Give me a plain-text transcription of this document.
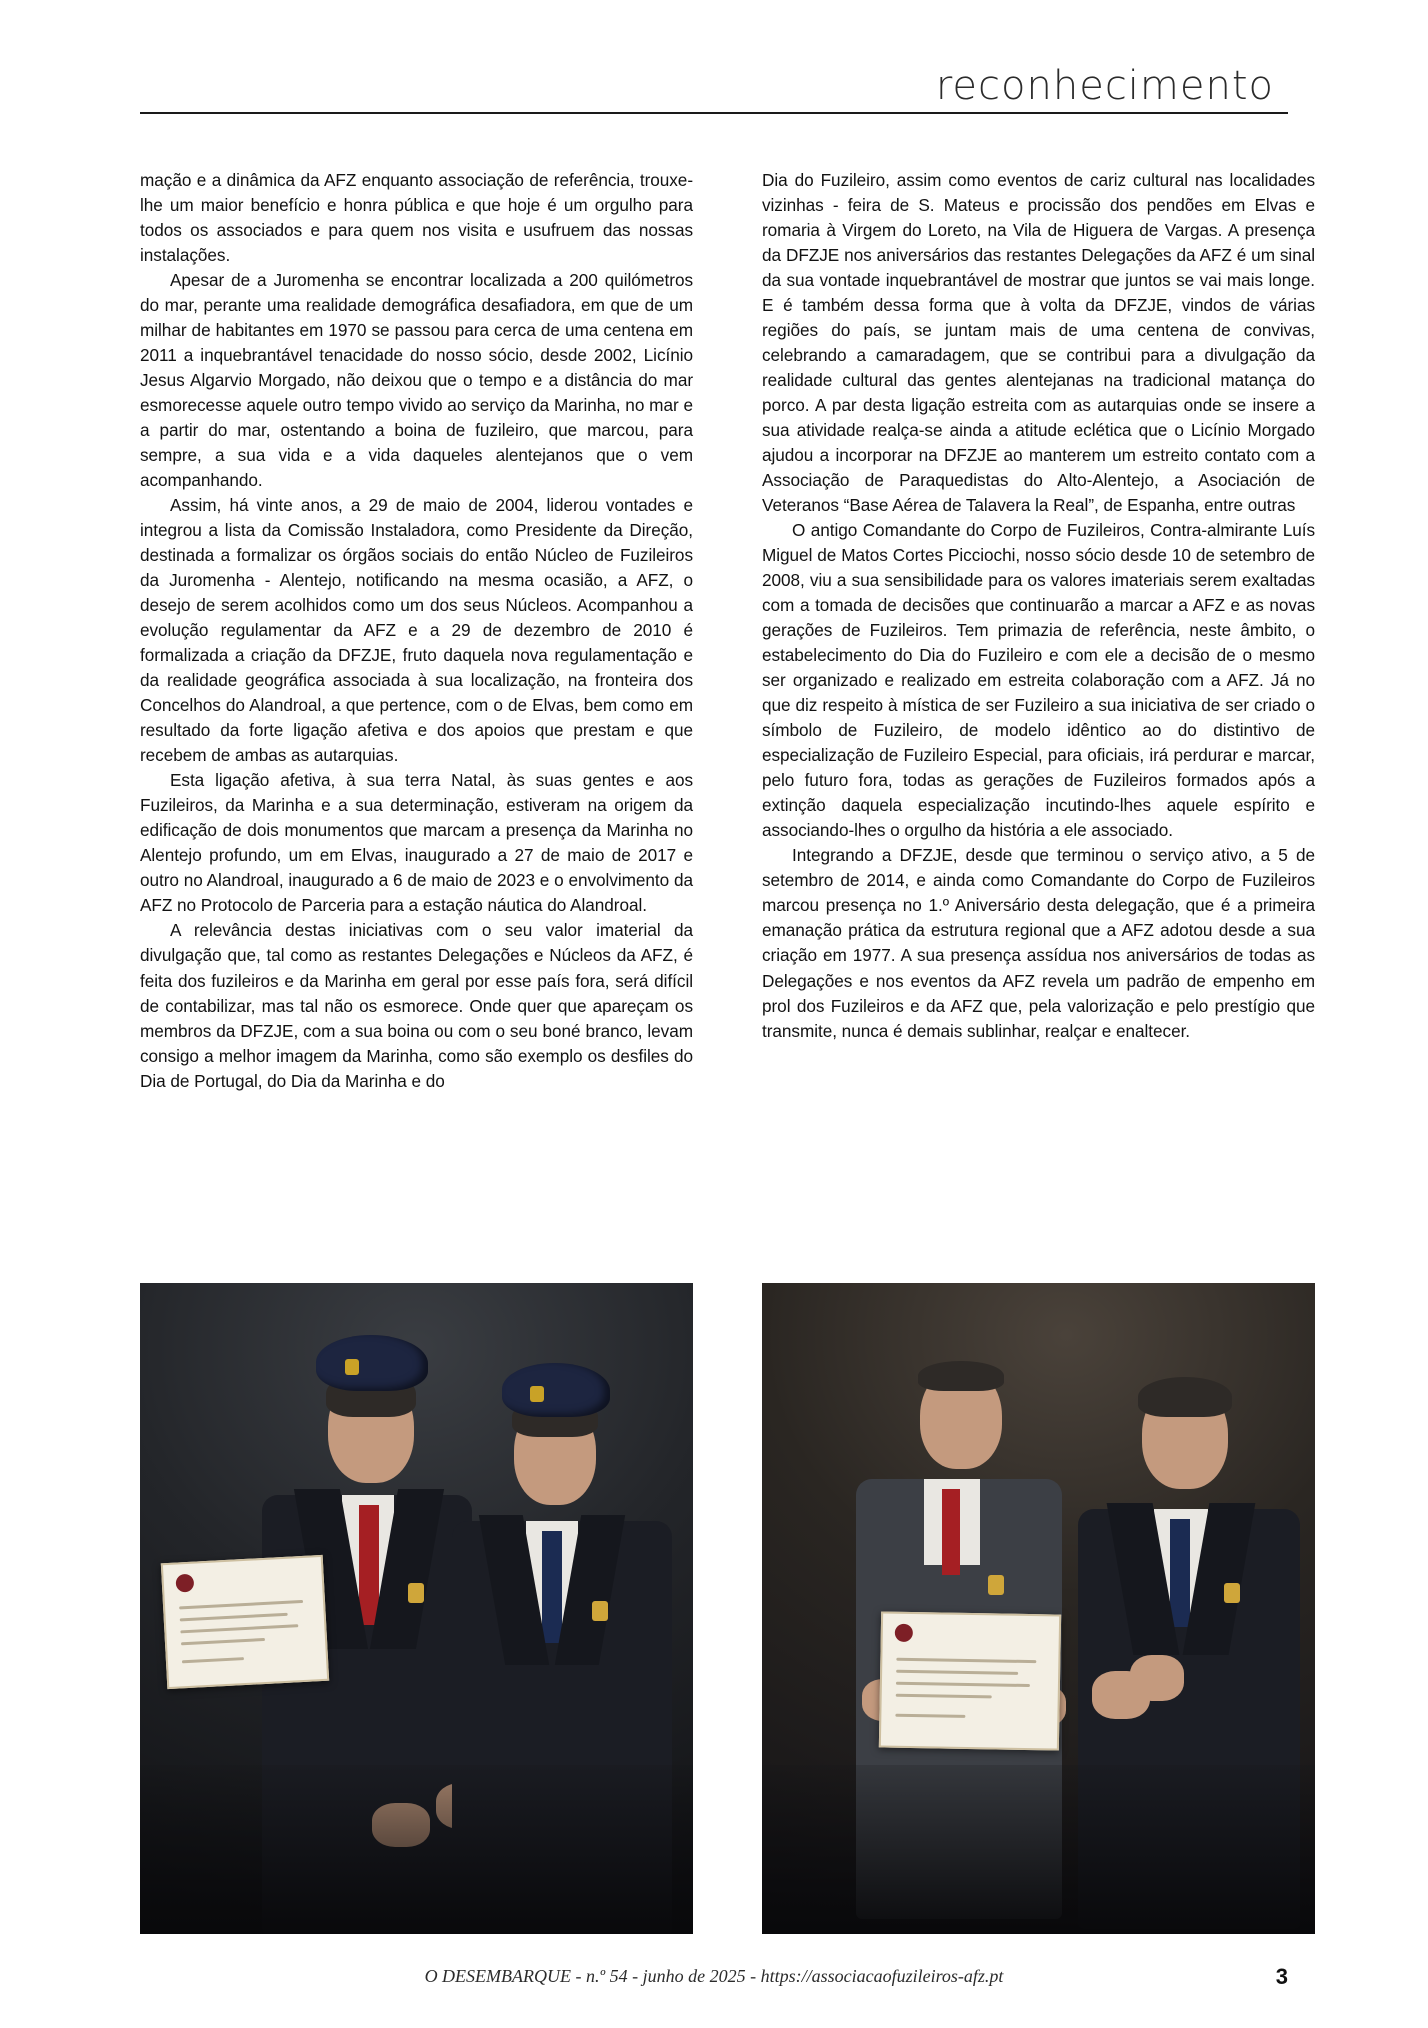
reconhecimento

mação e a dinâmica da AFZ enquanto associação de referência, trouxe-lhe um maior benefício e honra pública e que hoje é um orgulho para todos os associados e para quem nos visita e usufruem das nossas instalações.

Apesar de a Juromenha se encontrar localizada a 200 quilómetros do mar, perante uma realidade demográfica desafiadora, em que de um milhar de habitantes em 1970 se passou para cerca de uma centena em 2011 a inquebrantável tenacidade do nosso sócio, desde 2002, Licínio Jesus Algarvio Morgado, não deixou que o tempo e a distância do mar esmorecesse aquele outro tempo vivido ao serviço da Marinha, no mar e a partir do mar, ostentando a boina de fuzileiro, que marcou, para sempre, a sua vida e a vida daqueles alentejanos que o vem acompanhando.

Assim, há vinte anos, a 29 de maio de 2004, liderou vontades e integrou a lista da Comissão Instaladora, como Presidente da Direção, destinada a formalizar os órgãos sociais do então Núcleo de Fuzileiros da Juromenha - Alentejo, notificando na mesma ocasião, a AFZ, o desejo de serem acolhidos como um dos seus Núcleos. Acompanhou a evolução regulamentar da AFZ e a 29 de dezembro de 2010 é formalizada a criação da DFZJE, fruto daquela nova regulamentação e da realidade geográfica associada à sua localização, na fronteira dos Concelhos do Alandroal, a que pertence, com o de Elvas, bem como em resultado da forte ligação afetiva e dos apoios que prestam e que recebem de ambas as autarquias.

Esta ligação afetiva, à sua terra Natal, às suas gentes e aos Fuzileiros, da Marinha e a sua determinação, estiveram na origem da edificação de dois monumentos que marcam a presença da Marinha no Alentejo profundo, um em Elvas, inaugurado a 27 de maio de 2017 e outro no Alandroal, inaugurado a 6 de maio de 2023 e o envolvimento da AFZ no Protocolo de Parceria para a estação náutica do Alandroal.

A relevância destas iniciativas com o seu valor imaterial da divulgação que, tal como as restantes Delegações e Núcleos da AFZ, é feita dos fuzileiros e da Marinha em geral por esse país fora, será difícil de contabilizar, mas tal não os esmorece. Onde quer que apareçam os membros da DFZJE, com a sua boina ou com o seu boné branco, levam consigo a melhor imagem da Marinha, como são exemplo os desfiles do Dia de Portugal, do Dia da Marinha e do

Dia do Fuzileiro, assim como eventos de cariz cultural nas localidades vizinhas - feira de S. Mateus e procissão dos pendões em Elvas e romaria à Virgem do Loreto, na Vila de Higuera de Vargas. A presença da DFZJE nos aniversários das restantes Delegações da AFZ é um sinal da sua vontade inquebrantável de mostrar que juntos se vai mais longe. E é também dessa forma que à volta da DFZJE, vindos de várias regiões do país, se juntam mais de uma centena de convivas, celebrando a camaradagem, que se contribui para a divulgação da realidade cultural das gentes alentejanas na tradicional matança do porco. A par desta ligação estreita com as autarquias onde se insere a sua atividade realça-se ainda a atitude eclética que o Licínio Morgado ajudou a incorporar na DFZJE ao manterem um estreito contato com a Associação de Paraquedistas do Alto-Alentejo, a Asociación de Veteranos “Base Aérea de Talavera la Real”, de Espanha, entre outras

O antigo Comandante do Corpo de Fuzileiros, Contra-almirante Luís Miguel de Matos Cortes Picciochi, nosso sócio desde 10 de setembro de 2008, viu a sua sensibilidade para os valores imateriais serem exaltadas com a tomada de decisões que continuarão a marcar a AFZ e as novas gerações de Fuzileiros. Tem primazia de referência, neste âmbito, o estabelecimento do Dia do Fuzileiro e com ele a decisão de o mesmo ser organizado e realizado em estreita colaboração com a AFZ. Já no que diz respeito à mística de ser Fuzileiro a sua iniciativa de ser criado o símbolo de Fuzileiro, de modelo idêntico ao do distintivo de especialização de Fuzileiro Especial, para oficiais, irá perdurar e marcar, pelo futuro fora, todas as gerações de Fuzileiros formados após a extinção daquela especialização incutindo-lhes aquele espírito e associando-lhes o orgulho da história a ele associado.

Integrando a DFZJE, desde que terminou o serviço ativo, a 5 de setembro de 2014, e ainda como Comandante do Corpo de Fuzileiros marcou presença no 1.º Aniversário desta delegação, que é a primeira emanação prática da estrutura regional que a AFZ adotou desde a sua criação em 1977. A sua presença assídua nos aniversários de todas as Delegações e nos eventos da AFZ revela um padrão de empenho em prol dos Fuzileiros e da AFZ que, pela valorização e pelo prestígio que transmite, nunca é demais sublinhar, realçar e enaltecer.

O DESEMBARQUE - n.º 54 - junho de 2025 - https://associacaofuzileiros-afz.pt	3
